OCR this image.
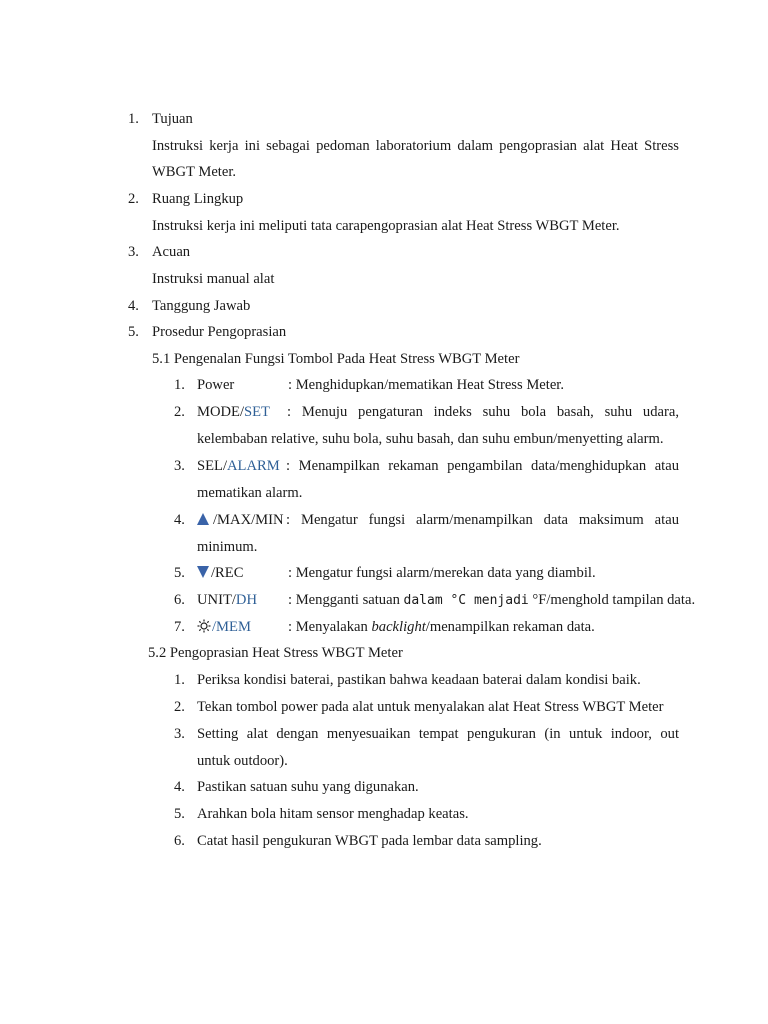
1. Tujuan
Instruksi kerja ini sebagai pedoman laboratorium dalam pengoprasian alat Heat Stress
WBGT Meter.
2. Ruang Lingkup
Instruksi kerja ini meliputi tata carapengoprasian alat Heat Stress WBGT Meter.
3. Acuan
Instruksi manual alat
4. Tanggung Jawab
5. Prosedur Pengoprasian
5.1 Pengenalan Fungsi Tombol Pada Heat Stress WBGT Meter
1. Power	: Menghidupkan/mematikan Heat Stress Meter.
2. MODE/SET : Menuju pengaturan indeks suhu bola basah, suhu udara,
kelembaban relative, suhu bola, suhu basah, dan suhu embun/menyetting alarm.
3. SEL/ALARM : Menampilkan rekaman pengambilan data/menghidupkan atau
mematikan alarm.
4.	/MAX/MIN : Mengatur fungsi alarm/menampilkan data maksimum atau
minimum.
5.	/REC	: Mengatur fungsi alarm/merekan data yang diambil.
6. UNIT/DH : Mengganti satuan dalam °C menjadi °F/menghold tampilan data.
7.	/MEM	: Menyalakan backlight/menampilkan rekaman data.
5.2 Pengoprasian Heat Stress WBGT Meter
1. Periksa kondisi baterai, pastikan bahwa keadaan baterai dalam kondisi baik.
2. Tekan tombol power pada alat untuk menyalakan alat Heat Stress WBGT Meter
3. Setting alat dengan menyesuaikan tempat pengukuran (in untuk indoor, out
untuk outdoor).
4. Pastikan satuan suhu yang digunakan.
5. Arahkan bola hitam sensor menghadap keatas.
6. Catat hasil pengukuran WBGT pada lembar data sampling.
